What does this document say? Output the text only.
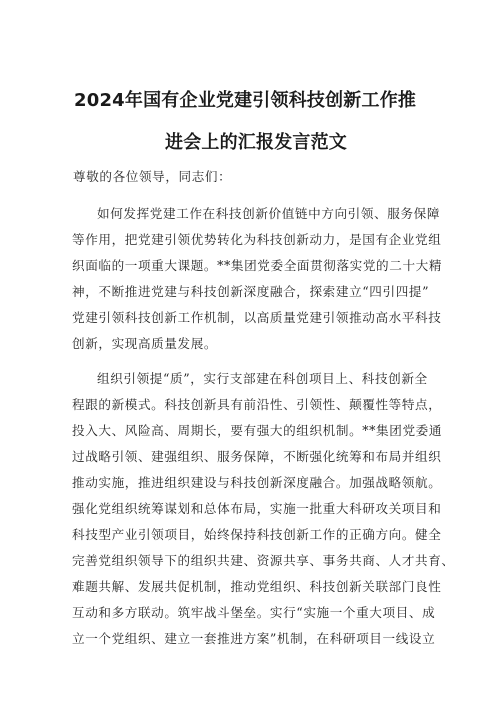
2024年国有企业党建引领科技创新工作推
进会上的汇报发言范文
尊敬的各位领导，同志们：
如何发挥党建工作在科技创新价值链中方向引领、服务保障
等作用，把党建引领优势转化为科技创新动力，是国有企业党组
织面临的一项重大课题。**集团党委全面贯彻落实党的二十大精
神，不断推进党建与科技创新深度融合，探索建立“四引四提”
党建引领科技创新工作机制，以高质量党建引领推动高水平科技
创新，实现高质量发展。
组织引领提“质”，实行支部建在科创项目上、科技创新全
程跟的新模式。科技创新具有前沿性、引领性、颠覆性等特点，
投入大、风险高、周期长，要有强大的组织机制。**集团党委通
过战略引领、建强组织、服务保障，不断强化统筹和布局并组织
推动实施，推进组织建设与科技创新深度融合。加强战略领航。
强化党组织统筹谋划和总体布局，实施一批重大科研攻关项目和
科技型产业引领项目，始终保持科技创新工作的正确方向。健全
完善党组织领导下的组织共建、资源共享、事务共商、人才共育、
难题共解、发展共促机制，推动党组织、科技创新关联部门良性
互动和多方联动。筑牢战斗堡垒。实行“实施一个重大项目、成
立一个党组织、建立一套推进方案”机制，在科研项目一线设立
